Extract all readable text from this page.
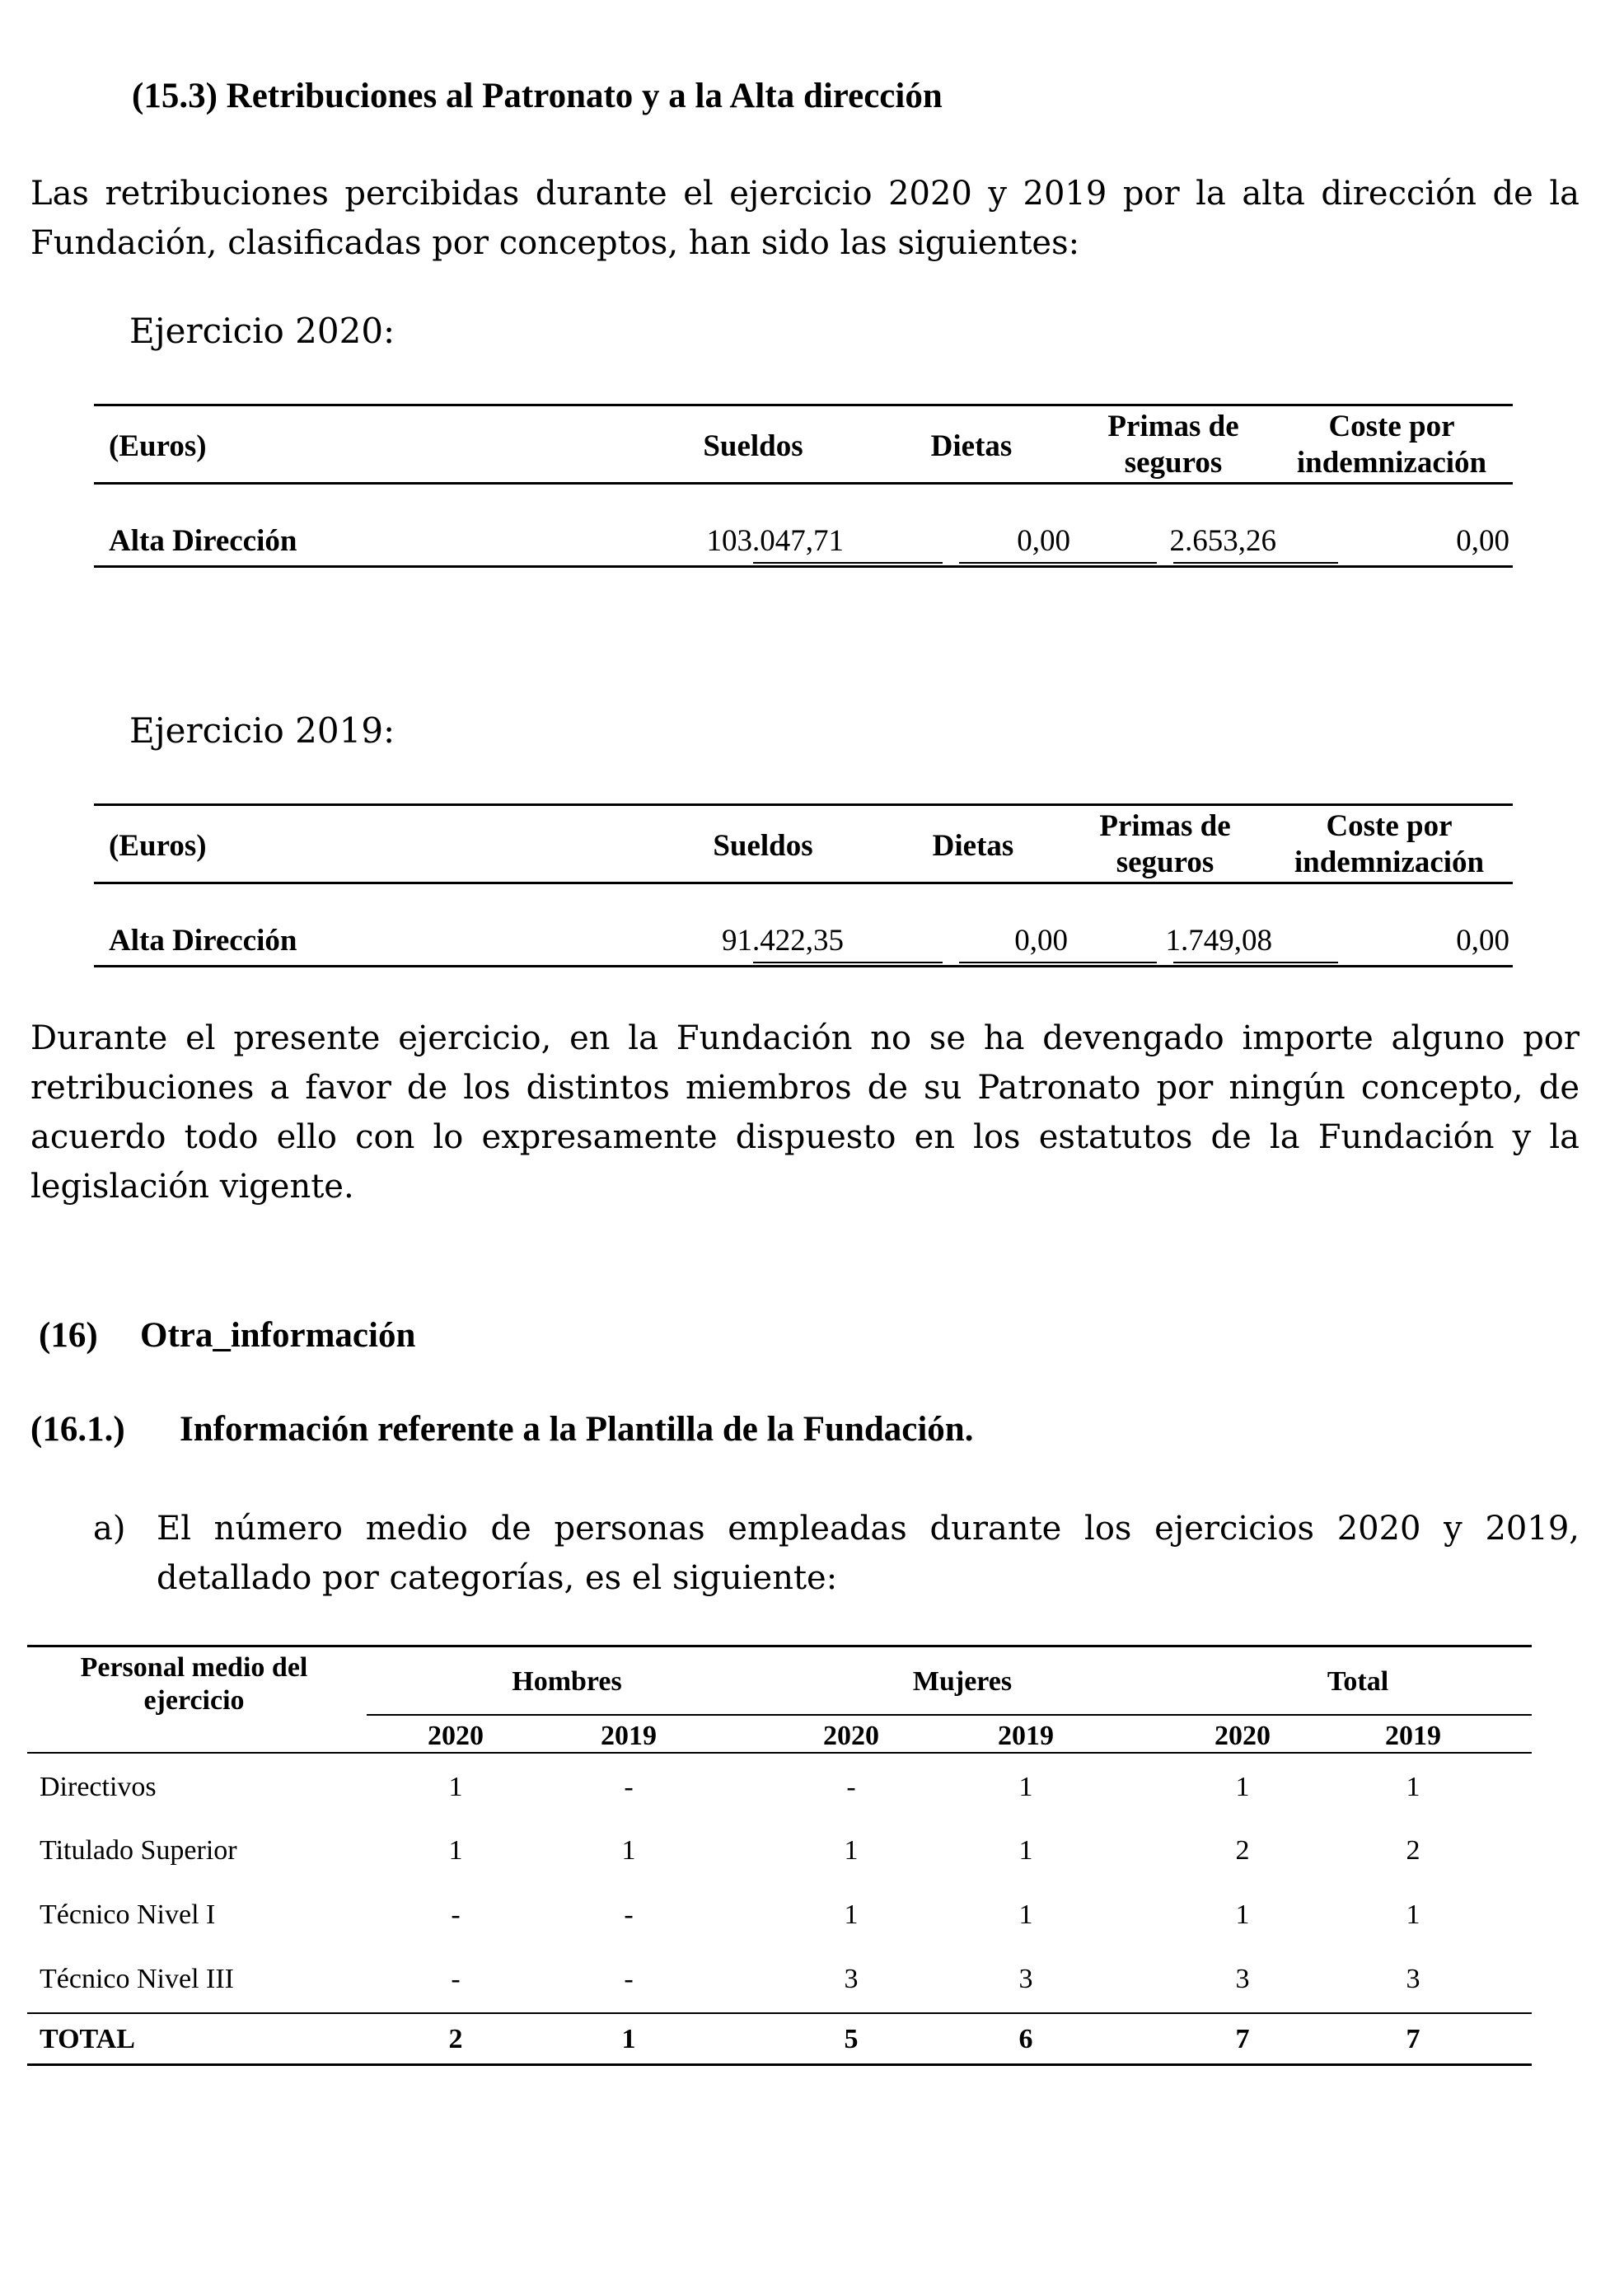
(15.3) Retribuciones al Patronato y a la Alta dirección
Las retribuciones percibidas durante el ejercicio 2020 y 2019 por la alta dirección de la
Fundación, clasificadas por conceptos, han sido las siguientes:
Ejercicio 2020:
(Euros)	Sueldos	Dietas
Primas de
seguros
Coste por
indemnización
Alta Dirección	103.047,71	0,00	2.653,26	0,00
Ejercicio 2019:
(Euros)	Sueldos	Dietas
Primas de
seguros
Coste por
indemnización
Alta Dirección	91.422,35	0,00	1.749,08	0,00
Durante el presente ejercicio, en la Fundación no se ha devengado importe alguno por
retribuciones a favor de los distintos miembros de su Patronato por ningún concepto, de
acuerdo todo ello con lo expresamente dispuesto en los estatutos de la Fundación y la
legislación vigente.
(16) Otra_información
(16.1.) Información referente a la Plantilla de la Fundación.
a) El número medio de personas empleadas durante los ejercicios 2020 y 2019,
detallado por categorías, es el siguiente:
Personal medio del
ejercicio
Hombres	Mujeres	Total
2020	2019	2020	2019	2020	2019
Directivos	1	-	-	1	1	1
Titulado Superior	1	1	1	1	2	2
Técnico Nivel I	-	-	1	1	1	1
Técnico Nivel III	-	-	3	3	3	3
TOTAL	2	1	5	6	7	7
